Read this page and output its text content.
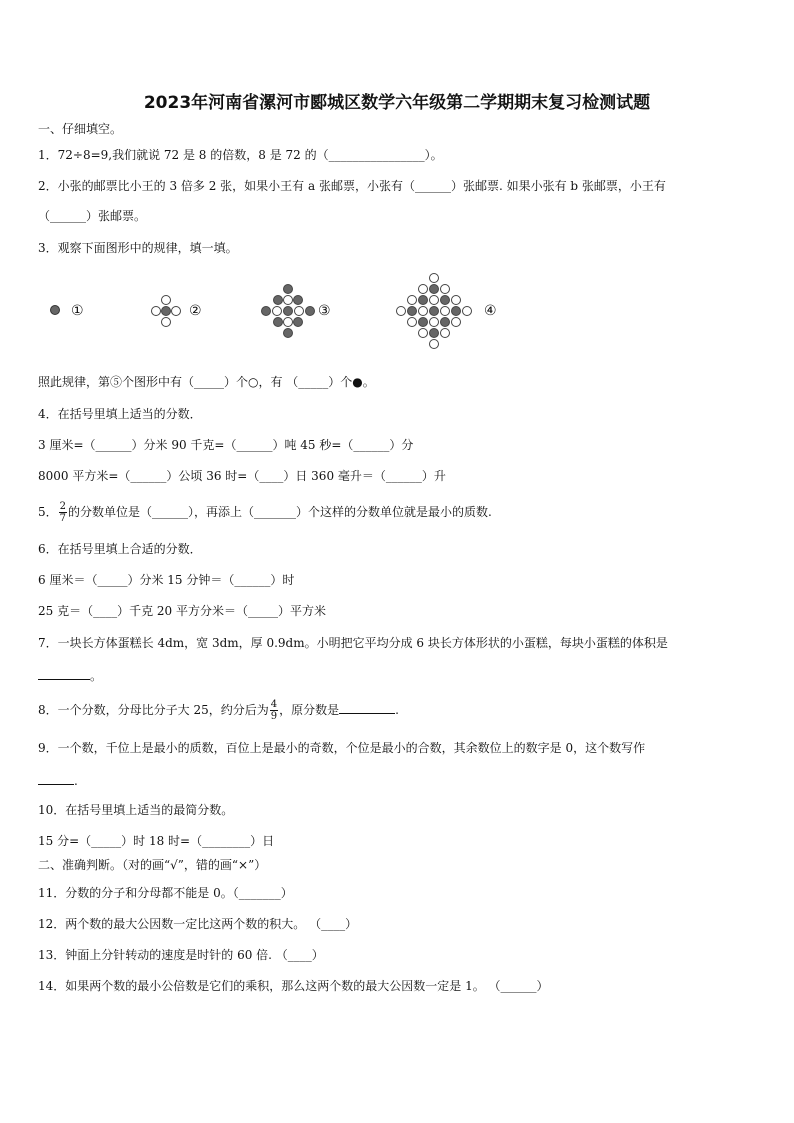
2023年河南省漯河市郾城区数学六年级第二学期期末复习检测试题
一、仔细填空。
1．72÷8=9,我们就说 72 是 8 的倍数，8 是 72 的（________________）。
2．小张的邮票比小王的 3 倍多 2 张，如果小王有 a 张邮票，小张有（______）张邮票. 如果小张有 b 张邮票，小王有
（______）张邮票。
3．观察下面图形中的规律，填一填。
①	②	③	④
照此规律，第⑤个图形中有（_____）个○，有 （_____）个●。
4．在括号里填上适当的分数．
3 厘米=（______）分米 90 千克=（______）吨 45 秒=（______）分
8000 平方米=（______）公顷 36 时=（____）日 360 毫升＝（______）升
5． $\frac{2}{7}$ 的分数单位是（______），再添上（_______）个这样的分数单位就是最小的质数.
6．在括号里填上合适的分数．
6 厘米＝（_____）分米 15 分钟＝（______）时
25 克＝（____）千克 20 平方分米＝（_____）平方米
7．一块长方体蛋糕长 4dm，宽 3dm，厚 0.9dm。小明把它平均分成 6 块长方体形状的小蛋糕，每块小蛋糕的体积是
。
8．一个分数，分母比分子大 25，约分后为 $\frac{4}{9}$ ，原分数是	.
9．一个数，千位上是最小的质数，百位上是最小的奇数，个位是最小的合数，其余数位上的数字是 0，这个数写作
.
10．在括号里填上适当的最简分数。
15 分=（_____）时 18 时=（________）日
二、准确判断。（对的画“√”，错的画“×”）
11．分数的分子和分母都不能是 0。（_______）
12．两个数的最大公因数一定比这两个数的积大。 （____）
13．钟面上分针转动的速度是时针的 60 倍. （____）
14．如果两个数的最小公倍数是它们的乘积，那么这两个数的最大公因数一定是 1。 （______）
